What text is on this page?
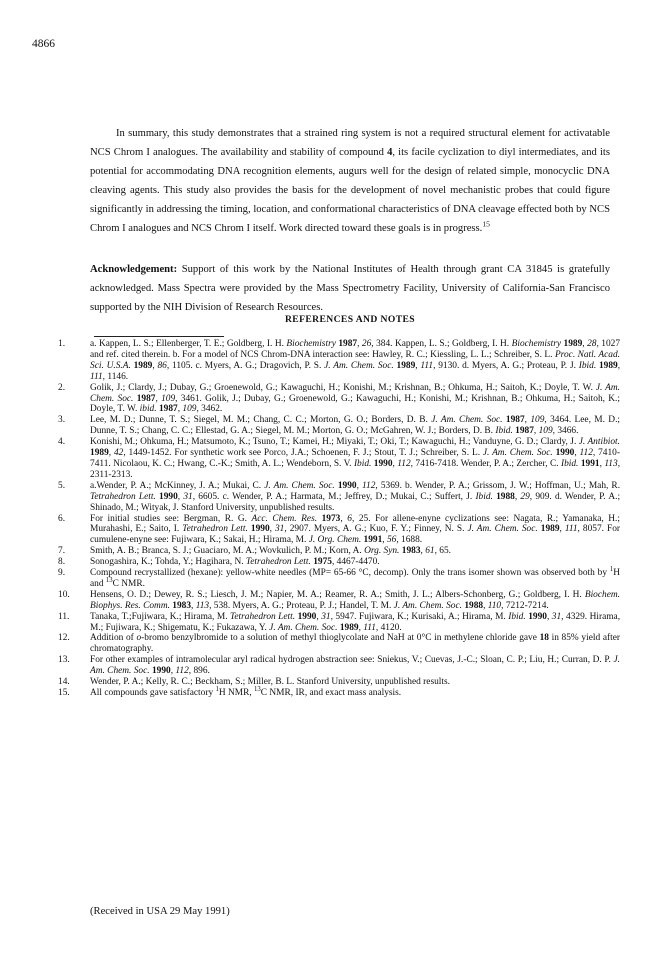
4866

In summary, this study demonstrates that a strained ring system is not a required structural element for activatable NCS Chrom I analogues. The availability and stability of compound 4, its facile cyclization to diyl intermediates, and its potential for accommodating DNA recognition elements, augurs well for the design of related simple, monocyclic DNA cleaving agents. This study also provides the basis for the development of novel mechanistic probes that could figure significantly in addressing the timing, location, and conformational characteristics of DNA cleavage effected both by NCS Chrom I analogues and NCS Chrom I itself. Work directed toward these goals is in progress.$^{15}$

Acknowledgement: Support of this work by the National Institutes of Health through grant CA 31845 is gratefully acknowledged. Mass Spectra were provided by the Mass Spectrometry Facility, University of California-San Francisco supported by the NIH Division of Research Resources.

REFERENCES AND NOTES
1.	a. Kappen, L. S.; Ellenberger, T. E.; Goldberg, I. H. Biochemistry 1987, 26, 384. Kappen, L. S.; Goldberg, I. H. Biochemistry 1989, 28, 1027 and ref. cited therein. b. For a model of NCS Chrom-DNA interaction see: Hawley, R. C.; Kiessling, L. L.; Schreiber, S. L. Proc. Natl. Acad. Sci. U.S.A. 1989, 86, 1105. c. Myers, A. G.; Dragovich, P. S. J. Am. Chem. Soc. 1989, 111, 9130. d. Myers, A. G.; Proteau, P. J. Ibid. 1989, 111, 1146.
2.	Golik, J.; Clardy, J.; Dubay, G.; Groenewold, G.; Kawaguchi, H.; Konishi, M.; Krishnan, B.; Ohkuma, H.; Saitoh, K.; Doyle, T. W. J. Am. Chem. Soc. 1987, 109, 3461. Golik, J.; Dubay, G.; Groenewold, G.; Kawaguchi, H.; Konishi, M.; Krishnan, B.; Ohkuma, H.; Saitoh, K.; Doyle, T. W. ibid. 1987, 109, 3462.
3.	Lee, M. D.; Dunne, T. S.; Siegel, M. M.; Chang, C. C.; Morton, G. O.; Borders, D. B. J. Am. Chem. Soc. 1987, 109, 3464. Lee, M. D.; Dunne, T. S.; Chang, C. C.; Ellestad, G. A.; Siegel, M. M.; Morton, G. O.; McGahren, W. J.; Borders, D. B. Ibid. 1987, 109, 3466.
4.	Konishi, M.; Ohkuma, H.; Matsumoto, K.; Tsuno, T.; Kamei, H.; Miyaki, T.; Oki, T.; Kawaguchi, H.; Vanduyne, G. D.; Clardy, J. J. Antibiot. 1989, 42, 1449-1452. For synthetic work see Porco, J.A.; Schoenen, F. J.; Stout, T. J.; Schreiber, S. L. J. Am. Chem. Soc. 1990, 112, 7410-7411. Nicolaou, K. C.; Hwang, C.-K.; Smith, A. L.; Wendeborn, S. V. Ibid. 1990, 112, 7416-7418. Wender, P. A.; Zercher, C. Ibid. 1991, 113, 2311-2313.
5.	a.Wender, P. A.; McKinney, J. A.; Mukai, C. J. Am. Chem. Soc. 1990, 112, 5369. b. Wender, P. A.; Grissom, J. W.; Hoffman, U.; Mah, R. Tetrahedron Lett. 1990, 31, 6605. c. Wender, P. A.; Harmata, M.; Jeffrey, D.; Mukai, C.; Suffert, J. Ibid. 1988, 29, 909. d. Wender, P. A.; Shinado, M.; Wityak, J. Stanford University, unpublished results.
6.	For initial studies see: Bergman, R. G. Acc. Chem. Res. 1973, 6, 25. For allene-enyne cyclizations see: Nagata, R.; Yamanaka, H.; Murahashi, E.; Saito, I. Tetrahedron Lett. 1990, 31, 2907. Myers, A. G.; Kuo, F. Y.; Finney, N. S. J. Am. Chem. Soc. 1989, 111, 8057. For cumulene-enyne see: Fujiwara, K.; Sakai, H.; Hirama, M. J. Org. Chem. 1991, 56, 1688.
7.	Smith, A. B.; Branca, S. J.; Guaciaro, M. A.; Wovkulich, P. M.; Korn, A. Org. Syn. 1983, 61, 65.
8.	Sonogashira, K.; Tohda, Y.; Hagihara, N. Tetrahedron Lett. 1975, 4467-4470.
9.	Compound recrystallized (hexane): yellow-white needles (MP= 65-66 °C, decomp). Only the trans isomer shown was observed both by $^1$H and $^{13}$C NMR.
10.	Hensens, O. D.; Dewey, R. S.; Liesch, J. M.; Napier, M. A.; Reamer, R. A.; Smith, J. L.; Albers-Schonberg, G.; Goldberg, I. H. Biochem. Biophys. Res. Comm. 1983, 113, 538. Myers, A. G.; Proteau, P. J.; Handel, T. M. J. Am. Chem. Soc. 1988, 110, 7212-7214.
11.	Tanaka, T.;Fujiwara, K.; Hirama, M. Tetrahedron Lett. 1990, 31, 5947. Fujiwara, K.; Kurisaki, A.; Hirama, M. Ibid. 1990, 31, 4329. Hirama, M.; Fujiwara, K.; Shigematu, K.; Fukazawa, Y. J. Am. Chem. Soc. 1989, 111, 4120.
12.	Addition of o-bromo benzylbromide to a solution of methyl thioglycolate and NaH at 0°C in methylene chloride gave 18 in 85% yield after chromatography.
13.	For other examples of intramolecular aryl radical hydrogen abstraction see: Sniekus, V.; Cuevas, J.-C.; Sloan, C. P.; Liu, H.; Curran, D. P. J. Am. Chem. Soc. 1990, 112, 896.
14.	Wender, P. A.; Kelly, R. C.; Beckham, S.; Miller, B. L. Stanford University, unpublished results.
15.	All compounds gave satisfactory $^1$H NMR, $^{13}$C NMR, IR, and exact mass analysis.
(Received in USA 29 May 1991)
